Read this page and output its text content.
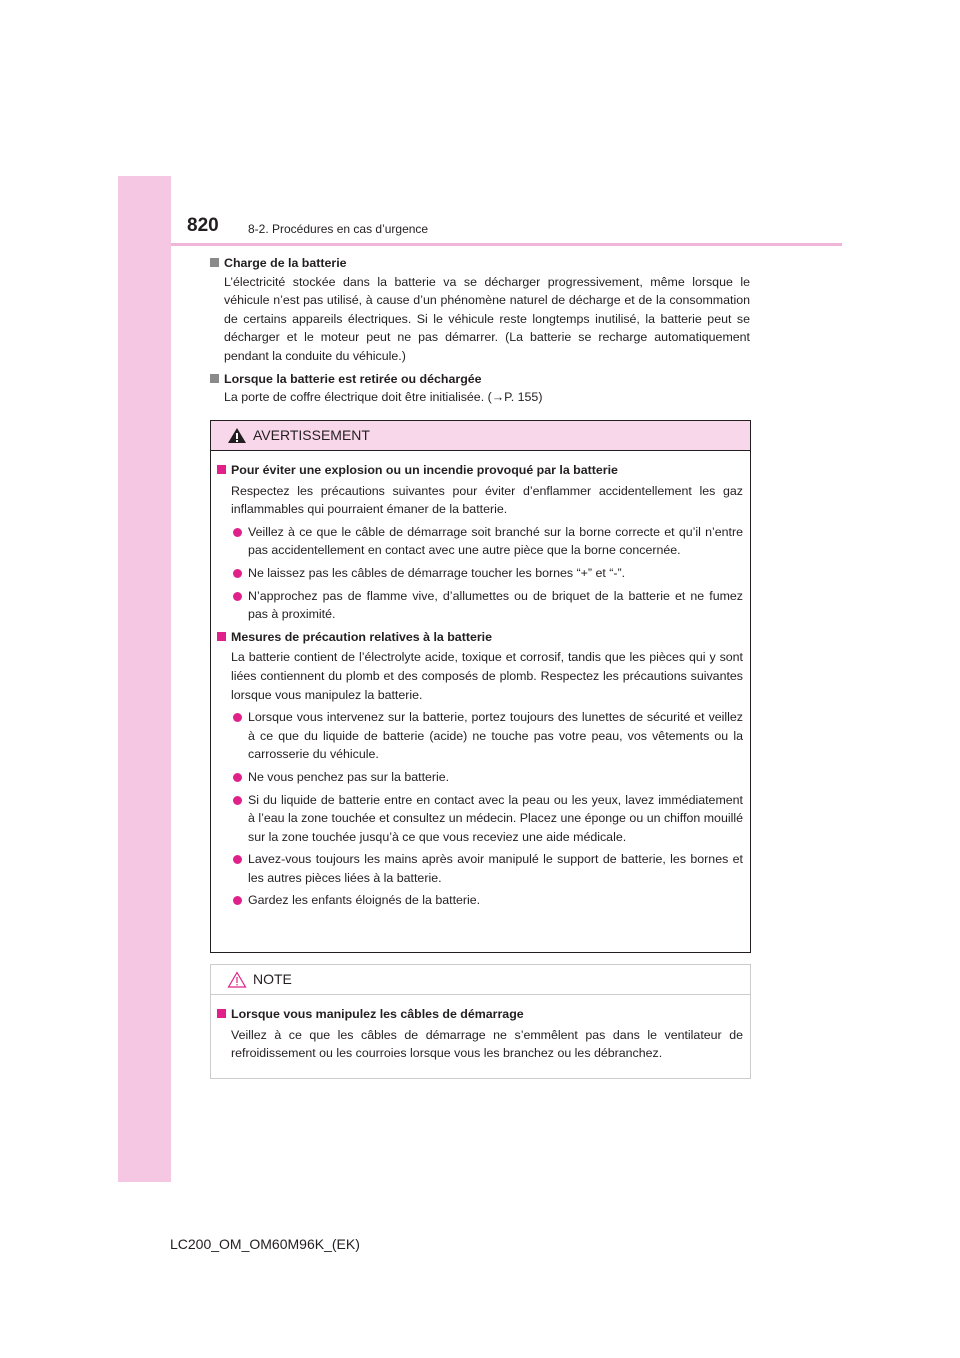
820 8-2. Procédures en cas d’urgence
Charge de la batterie
L’électricité stockée dans la batterie va se décharger progressivement, même lorsque le véhicule n’est pas utilisé, à cause d’un phénomène naturel de décharge et de la consommation de certains appareils électriques. Si le véhicule reste longtemps inutilisé, la batterie peut se décharger et le moteur peut ne pas démarrer. (La batterie se recharge automatiquement pendant la conduite du véhicule.)
Lorsque la batterie est retirée ou déchargée
La porte de coffre électrique doit être initialisée. (→P. 155)
AVERTISSEMENT
Pour éviter une explosion ou un incendie provoqué par la batterie
Respectez les précautions suivantes pour éviter d’enflammer accidentellement les gaz inflammables qui pourraient émaner de la batterie.
Veillez à ce que le câble de démarrage soit branché sur la borne correcte et qu’il n’entre pas accidentellement en contact avec une autre pièce que la borne concernée.
Ne laissez pas les câbles de démarrage toucher les bornes “+” et “-”.
N’approchez pas de flamme vive, d’allumettes ou de briquet de la batterie et ne fumez pas à proximité.
Mesures de précaution relatives à la batterie
La batterie contient de l’électrolyte acide, toxique et corrosif, tandis que les pièces qui y sont liées contiennent du plomb et des composés de plomb. Respectez les précautions suivantes lorsque vous manipulez la batterie.
Lorsque vous intervenez sur la batterie, portez toujours des lunettes de sécurité et veillez à ce que du liquide de batterie (acide) ne touche pas votre peau, vos vêtements ou la carrosserie du véhicule.
Ne vous penchez pas sur la batterie.
Si du liquide de batterie entre en contact avec la peau ou les yeux, lavez immédiatement à l’eau la zone touchée et consultez un médecin. Placez une éponge ou un chiffon mouillé sur la zone touchée jusqu’à ce que vous receviez une aide médicale.
Lavez-vous toujours les mains après avoir manipulé le support de batterie, les bornes et les autres pièces liées à la batterie.
Gardez les enfants éloignés de la batterie.
NOTE
Lorsque vous manipulez les câbles de démarrage
Veillez à ce que les câbles de démarrage ne s’emmêlent pas dans le ventilateur de refroidissement ou les courroies lorsque vous les branchez ou les débranchez.
LC200_OM_OM60M96K_(EK)
